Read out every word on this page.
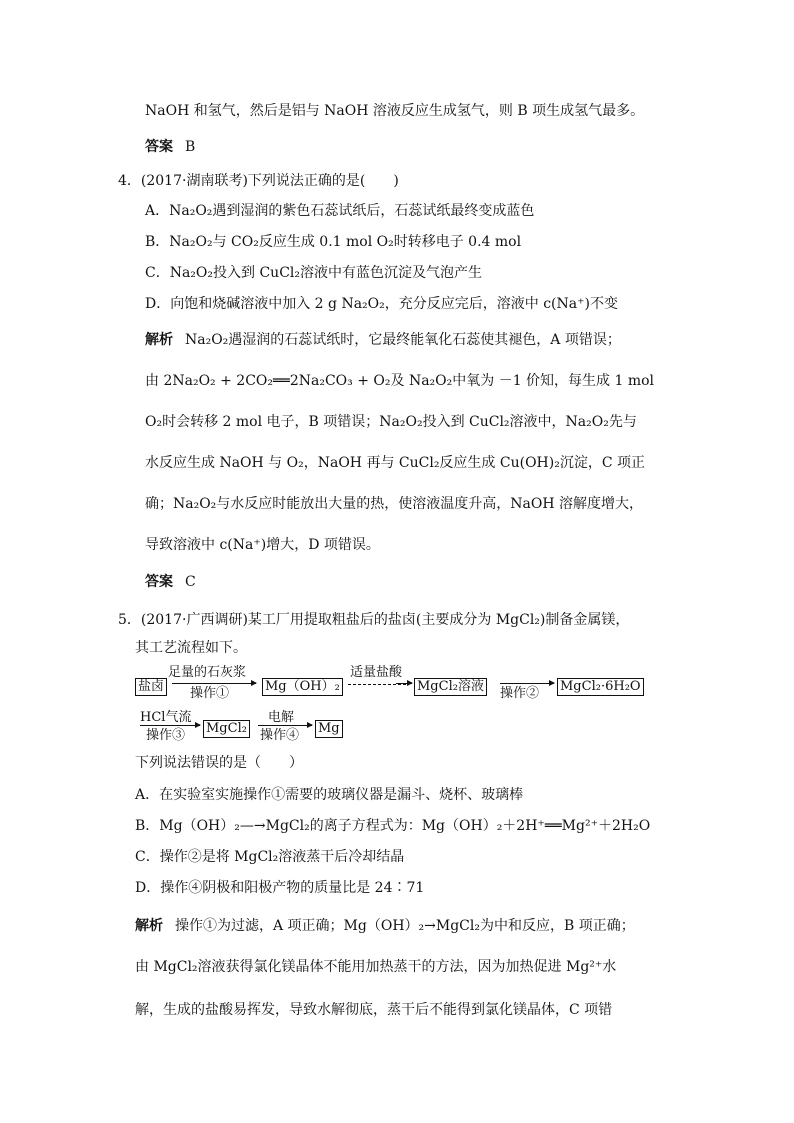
NaOH 和氢气，然后是铝与 NaOH 溶液反应生成氢气，则 B 项生成氢气最多。
答案 B
4．(2017·湖南联考)下列说法正确的是(　　)
A．Na₂O₂遇到湿润的紫色石蕊试纸后，石蕊试纸最终变成蓝色
B．Na₂O₂与 CO₂反应生成 0.1 mol O₂时转移电子 0.4 mol
C．Na₂O₂投入到 CuCl₂溶液中有蓝色沉淀及气泡产生
D．向饱和烧碱溶液中加入 2 g Na₂O₂，充分反应完后，溶液中 c(Na⁺)不变
解析 Na₂O₂遇湿润的石蕊试纸时，它最终能氧化石蕊使其褪色，A 项错误；
由 2Na₂O₂ + 2CO₂══2Na₂CO₃ + O₂及 Na₂O₂中氧为 －1 价知，每生成 1 mol
O₂时会转移 2 mol 电子，B 项错误；Na₂O₂投入到 CuCl₂溶液中，Na₂O₂先与
水反应生成 NaOH 与 O₂，NaOH 再与 CuCl₂反应生成 Cu(OH)₂沉淀，C 项正
确；Na₂O₂与水反应时能放出大量的热，使溶液温度升高，NaOH 溶解度增大，
导致溶液中 c(Na⁺)增大，D 项错误。
答案 C
5．(2017·广西调研)某工厂用提取粗盐后的盐卤(主要成分为 MgCl₂)制备金属镁，
其工艺流程如下。
盐卤
足量的石灰浆
操作①	Mg（OH）₂
适量盐酸
MgCl₂溶液 操作② MgCl₂·6H₂O
HCl气流
操作③ MgCl₂
电解
操作④ Mg
下列说法错误的是（　　）
A．在实验室实施操作①需要的玻璃仪器是漏斗、烧杯、玻璃棒
B．Mg（OH）₂—→MgCl₂的离子方程式为：Mg（OH）₂＋2H⁺══Mg²⁺＋2H₂O
C．操作②是将 MgCl₂溶液蒸干后冷却结晶
D．操作④阴极和阳极产物的质量比是 24∶71
解析 操作①为过滤，A 项正确；Mg（OH）₂→MgCl₂为中和反应，B 项正确；
由 MgCl₂溶液获得氯化镁晶体不能用加热蒸干的方法，因为加热促进 Mg²⁺水
解，生成的盐酸易挥发，导致水解彻底，蒸干后不能得到氯化镁晶体，C 项错
